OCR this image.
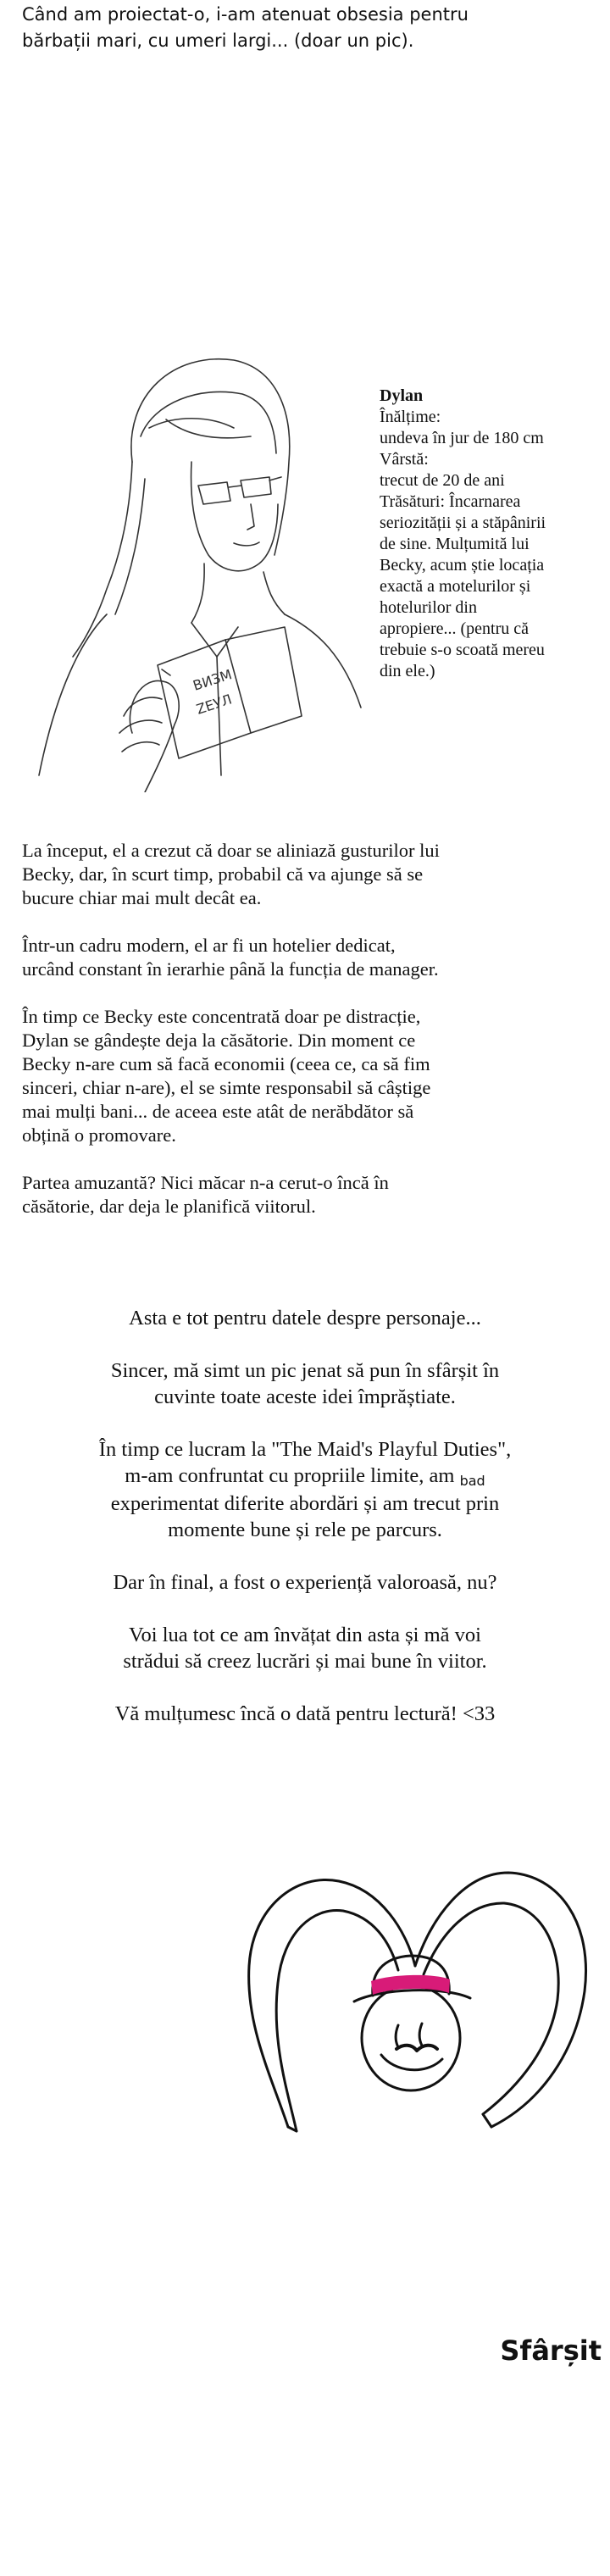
Când am proiectat-o, i-am atenuat obsesia pentru
bărbații mari, cu umeri largi... (doar un pic).
ВИЗМ
ZЕУЛ
Dylan
Înălțime:
undeva în jur de 180 cm
Vârstă:
trecut de 20 de ani
Trăsături: Încarnarea
seriozității și a stăpânirii
de sine. Mulțumită lui
Becky, acum știe locația
exactă a motelurilor și
hotelurilor din
apropiere... (pentru că
trebuie s-o scoată mereu
din ele.)

La început, el a crezut că doar se aliniază gusturilor lui
Becky, dar, în scurt timp, probabil că va ajunge să se
bucure chiar mai mult decât ea.

Într-un cadru modern, el ar fi un hotelier dedicat,
urcând constant în ierarhie până la funcția de manager.

În timp ce Becky este concentrată doar pe distracție,
Dylan se gândește deja la căsătorie. Din moment ce
Becky n-are cum să facă economii (ceea ce, ca să fim
sinceri, chiar n-are), el se simte responsabil să câștige
mai mulți bani... de aceea este atât de nerăbdător să
obțină o promovare.

Partea amuzantă? Nici măcar n-a cerut-o încă în
căsătorie, dar deja le planifică viitorul.

Asta e tot pentru datele despre personaje...

Sincer, mă simt un pic jenat să pun în sfârșit în
cuvinte toate aceste idei împrăștiate.

În timp ce lucram la "The Maid's Playful Duties",
m-am confruntat cu propriile limite, am bad
experimentat diferite abordări și am trecut prin
momente bune și rele pe parcurs.

Dar în final, a fost o experiență valoroasă, nu?

Voi lua tot ce am învățat din asta și mă voi
strădui să creez lucrări și mai bune în viitor.

Vă mulțumesc încă o dată pentru lectură! <33

Sfârșit
